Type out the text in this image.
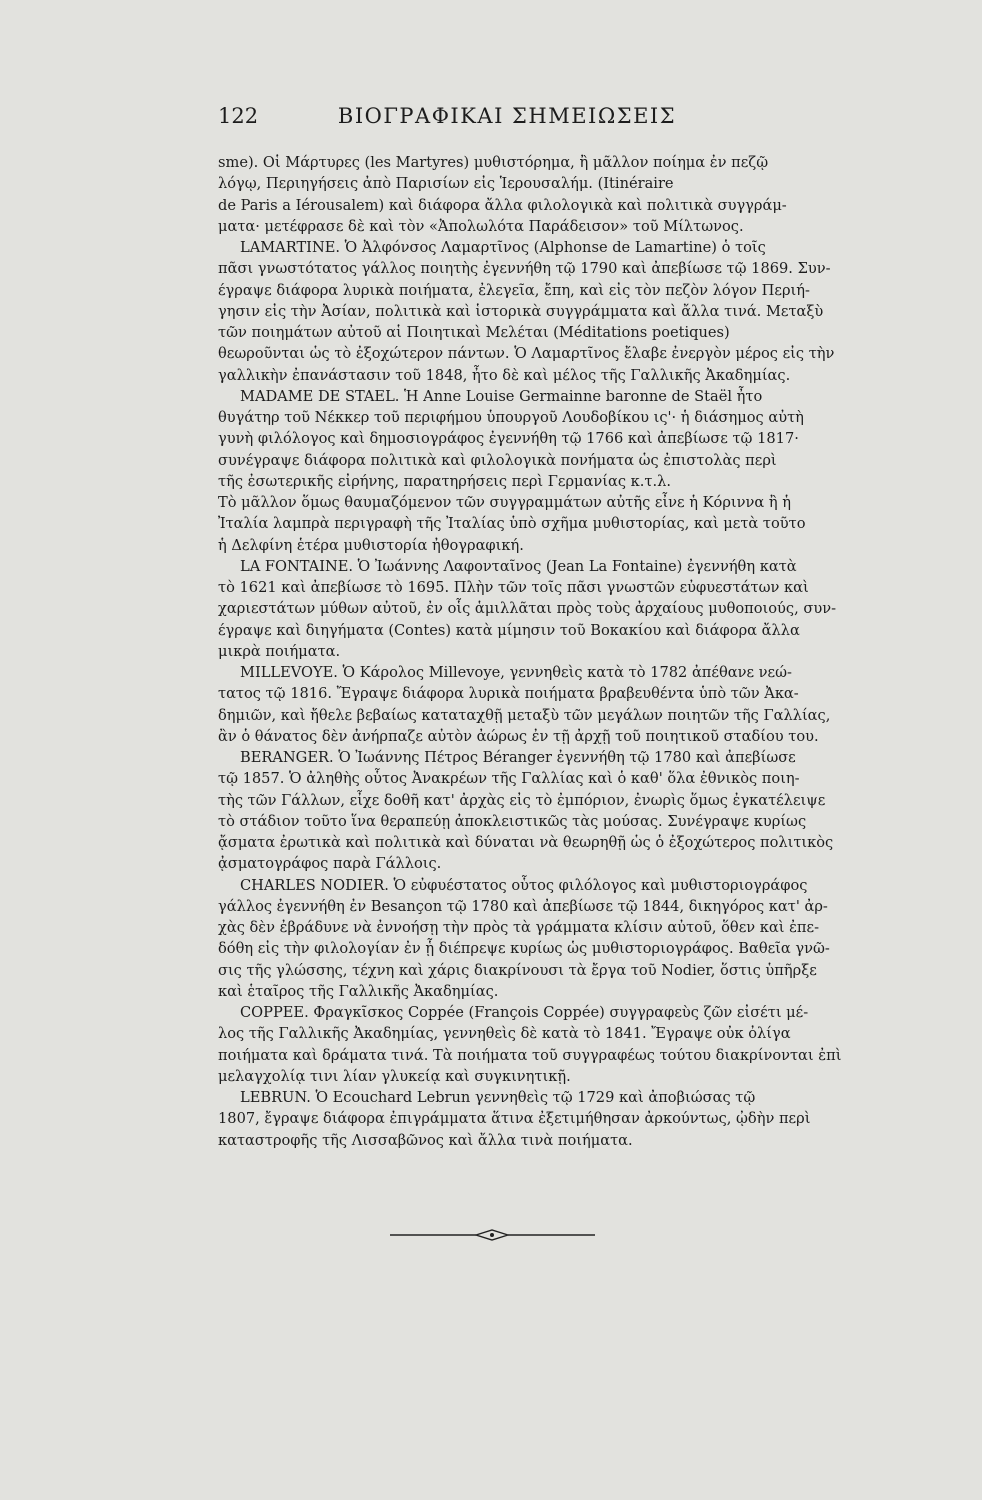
122	ΒΙΟΓΡΑΦΙΚΑΙ ΣΗΜΕΙΩΣΕΙΣ
sme). Οἱ Μάρτυρες (les Martyres) μυθιστόρημα, ἢ μᾶλλον ποίημα ἐν πεζῷ
λόγῳ, Περιηγήσεις ἀπὸ Παρισίων εἰς Ἱερουσαλήμ. (Itinéraire
de Paris a Iérousalem) καὶ διάφορα ἄλλα φιλολογικὰ καὶ πολιτικὰ συγγράμ-
ματα· μετέφρασε δὲ καὶ τὸν «Ἀπολωλότα Παράδεισον» τοῦ Μίλτωνος.
LAMARTINE. Ὁ Ἀλφόνσος Λαμαρτῖνος (Alphonse de Lamartine) ὁ τοῖς
πᾶσι γνωστότατος γάλλος ποιητὴς ἐγεννήθη τῷ 1790 καὶ ἀπεβίωσε τῷ 1869. Συν-
έγραψε διάφορα λυρικὰ ποιήματα, ἐλεγεῖα, ἔπη, καὶ εἰς τὸν πεζὸν λόγον Περιή-
γησιν εἰς τὴν Ἀσίαν, πολιτικὰ καὶ ἱστορικὰ συγγράμματα καὶ ἄλλα τινά. Μεταξὺ
τῶν ποιημάτων αὐτοῦ αἱ Ποιητικαὶ Μελέται (Méditations poetiques)
θεωροῦνται ὡς τὸ ἐξοχώτερον πάντων. Ὁ Λαμαρτῖνος ἔλαβε ἐνεργὸν μέρος εἰς τὴν
γαλλικὴν ἐπανάστασιν τοῦ 1848, ἦτο δὲ καὶ μέλος τῆς Γαλλικῆς Ἀκαδημίας.
MADAME DE STAEL. Ἡ Anne Louise Germainne baronne de Staël ἦτο
θυγάτηρ τοῦ Νέκκερ τοῦ περιφήμου ὑπουργοῦ Λουδοβίκου ις'· ἡ διάσημος αὐτὴ
γυνὴ φιλόλογος καὶ δημοσιογράφος ἐγεννήθη τῷ 1766 καὶ ἀπεβίωσε τῷ 1817·
συνέγραψε διάφορα πολιτικὰ καὶ φιλολογικὰ πονήματα ὡς ἐπιστολὰς περὶ
τῆς ἐσωτερικῆς εἰρήνης, παρατηρήσεις περὶ Γερμανίας κ.τ.λ.
Τὸ μᾶλλον ὅμως θαυμαζόμενον τῶν συγγραμμάτων αὐτῆς εἶνε ἡ Κόριννα ἢ ἡ
Ἰταλία λαμπρὰ περιγραφὴ τῆς Ἰταλίας ὑπὸ σχῆμα μυθιστορίας, καὶ μετὰ τοῦτο
ἡ Δελφίνη ἑτέρα μυθιστορία ἠθογραφική.
LA FONTAINE. Ὁ Ἰωάννης Λαφονταῖνος (Jean La Fontaine) ἐγεννήθη κατὰ
τὸ 1621 καὶ ἀπεβίωσε τὸ 1695. Πλὴν τῶν τοῖς πᾶσι γνωστῶν εὐφυεστάτων καὶ
χαριεστάτων μύθων αὐτοῦ, ἐν οἷς ἁμιλλᾶται πρὸς τοὺς ἀρχαίους μυθοποιούς, συν-
έγραψε καὶ διηγήματα (Contes) κατὰ μίμησιν τοῦ Βοκακίου καὶ διάφορα ἄλλα
μικρὰ ποιήματα.
MILLEVOYE. Ὁ Κάρολος Millevoye, γεννηθεὶς κατὰ τὸ 1782 ἀπέθανε νεώ-
τατος τῷ 1816. Ἔγραψε διάφορα λυρικὰ ποιήματα βραβευθέντα ὑπὸ τῶν Ἀκα-
δημιῶν, καὶ ἤθελε βεβαίως καταταχθῇ μεταξὺ τῶν μεγάλων ποιητῶν τῆς Γαλλίας,
ἂν ὁ θάνατος δὲν ἀνήρπαζε αὐτὸν ἀώρως ἐν τῇ ἀρχῇ τοῦ ποιητικοῦ σταδίου του.
BERANGER. Ὁ Ἰωάννης Πέτρος Béranger ἐγεννήθη τῷ 1780 καὶ ἀπεβίωσε
τῷ 1857. Ὁ ἀληθὴς οὗτος Ἀνακρέων τῆς Γαλλίας καὶ ὁ καθ' ὅλα ἐθνικὸς ποιη-
τὴς τῶν Γάλλων, εἶχε δοθῆ κατ' ἀρχὰς εἰς τὸ ἐμπόριον, ἐνωρὶς ὅμως ἐγκατέλειψε
τὸ στάδιον τοῦτο ἵνα θεραπεύῃ ἀποκλειστικῶς τὰς μούσας. Συνέγραψε κυρίως
ᾄσματα ἐρωτικὰ καὶ πολιτικὰ καὶ δύναται νὰ θεωρηθῇ ὡς ὁ ἐξοχώτερος πολιτικὸς
ᾀσματογράφος παρὰ Γάλλοις.
CHARLES NODIER. Ὁ εὐφυέστατος οὗτος φιλόλογος καὶ μυθιστοριογράφος
γάλλος ἐγεννήθη ἐν Besançon τῷ 1780 καὶ ἀπεβίωσε τῷ 1844, δικηγόρος κατ' ἀρ-
χὰς δὲν ἐβράδυνε νὰ ἐννοήσῃ τὴν πρὸς τὰ γράμματα κλίσιν αὐτοῦ, ὅθεν καὶ ἐπε-
δόθη εἰς τὴν φιλολογίαν ἐν ᾗ διέπρεψε κυρίως ὡς μυθιστοριογράφος. Βαθεῖα γνῶ-
σις τῆς γλώσσης, τέχνη καὶ χάρις διακρίνουσι τὰ ἔργα τοῦ Nodier, ὅστις ὑπῆρξε
καὶ ἑταῖρος τῆς Γαλλικῆς Ἀκαδημίας.
COPPEE. Φραγκῖσκος Coppée (François Coppée) συγγραφεὺς ζῶν εἰσέτι μέ-
λος τῆς Γαλλικῆς Ἀκαδημίας, γεννηθεὶς δὲ κατὰ τὸ 1841. Ἔγραψε οὐκ ὀλίγα
ποιήματα καὶ δράματα τινά. Τὰ ποιήματα τοῦ συγγραφέως τούτου διακρίνονται ἐπὶ
μελαγχολίᾳ τινι λίαν γλυκείᾳ καὶ συγκινητικῇ.
LEBRUN. Ὁ Ecouchard Lebrun γεννηθεὶς τῷ 1729 καὶ ἀποβιώσας τῷ
1807, ἔγραψε διάφορα ἐπιγράμματα ἅτινα ἐξετιμήθησαν ἀρκούντως, ᾠδὴν περὶ
καταστροφῆς τῆς Λισσαβῶνος καὶ ἄλλα τινὰ ποιήματα.
